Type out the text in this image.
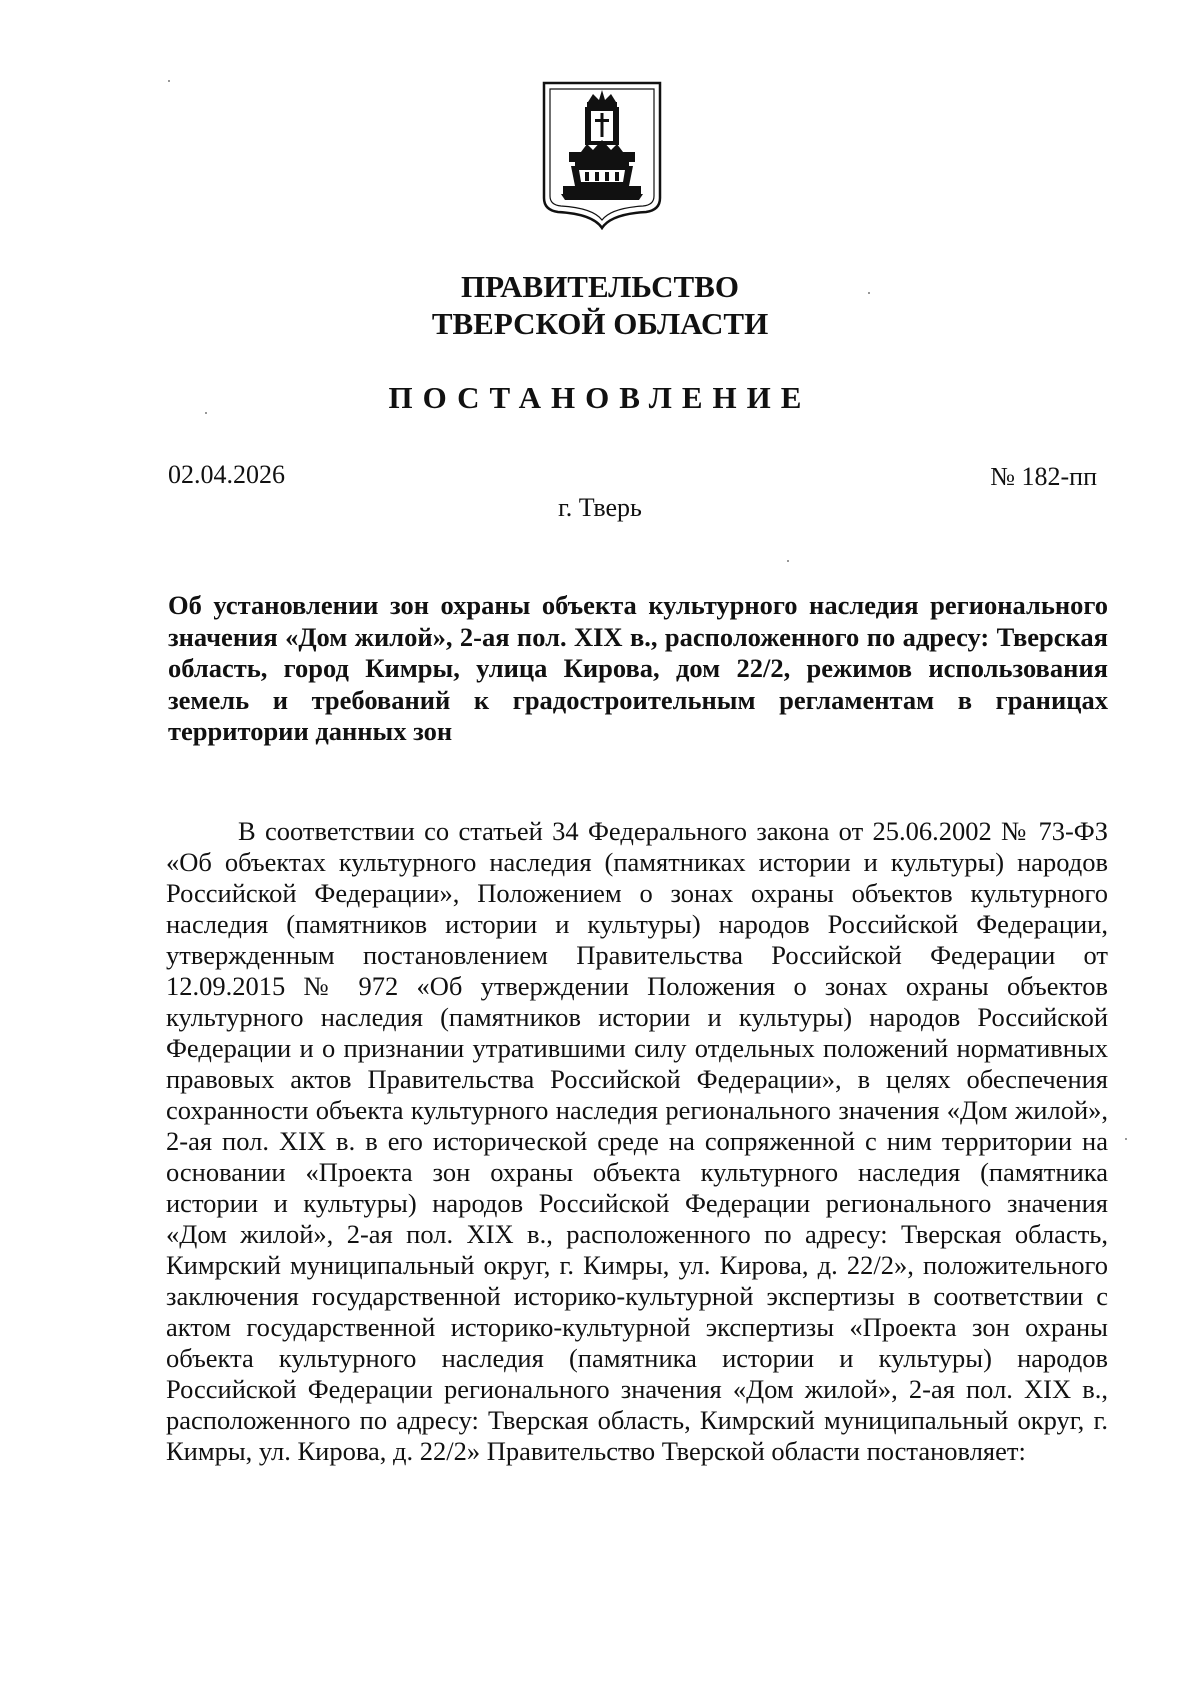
ПРАВИТЕЛЬСТВО
ТВЕРСКОЙ ОБЛАСТИ
ПОСТАНОВЛЕНИЕ
02.04.2026	№ 182-пп
г. Тверь

Об установлении зон охраны объекта культурного наследия регионального значения «Дом жилой», 2-ая пол. XIX в., расположенного по адресу: Тверская область, город Кимры, улица Кирова, дом 22/2, режимов использования земель и требований к градостроительным регламентам в границах территории данных зон

В соответствии со статьей 34 Федерального закона от 25.06.2002 № 73-ФЗ «Об объектах культурного наследия (памятниках истории и культуры) народов Российской Федерации», Положением о зонах охраны объектов культурного наследия (памятников истории и культуры) народов Российской Федерации, утвержденным постановлением Правительства Российской Федерации от 12.09.2015 № 972 «Об утверждении Положения о зонах охраны объектов культурного наследия (памятников истории и культуры) народов Российской Федерации и о признании утратившими силу отдельных положений нормативных правовых актов Правительства Российской Федерации», в целях обеспечения сохранности объекта культурного наследия регионального значения «Дом жилой», 2-ая пол. XIX в. в его исторической среде на сопряженной с ним территории на основании «Проекта зон охраны объекта культурного наследия (памятника истории и культуры) народов Российской Федерации регионального значения «Дом жилой», 2-ая пол. XIX в., расположенного по адресу: Тверская область, Кимрский муниципальный округ, г. Кимры, ул. Кирова, д. 22/2», положительного заключения государственной историко-культурной экспертизы в соответствии с актом государственной историко-культурной экспертизы «Проекта зон охраны объекта культурного наследия (памятника истории и культуры) народов Российской Федерации регионального значения «Дом жилой», 2-ая пол. XIX в., расположенного по адресу: Тверская область, Кимрский муниципальный округ, г. Кимры, ул. Кирова, д. 22/2» Правительство Тверской области постановляет:
